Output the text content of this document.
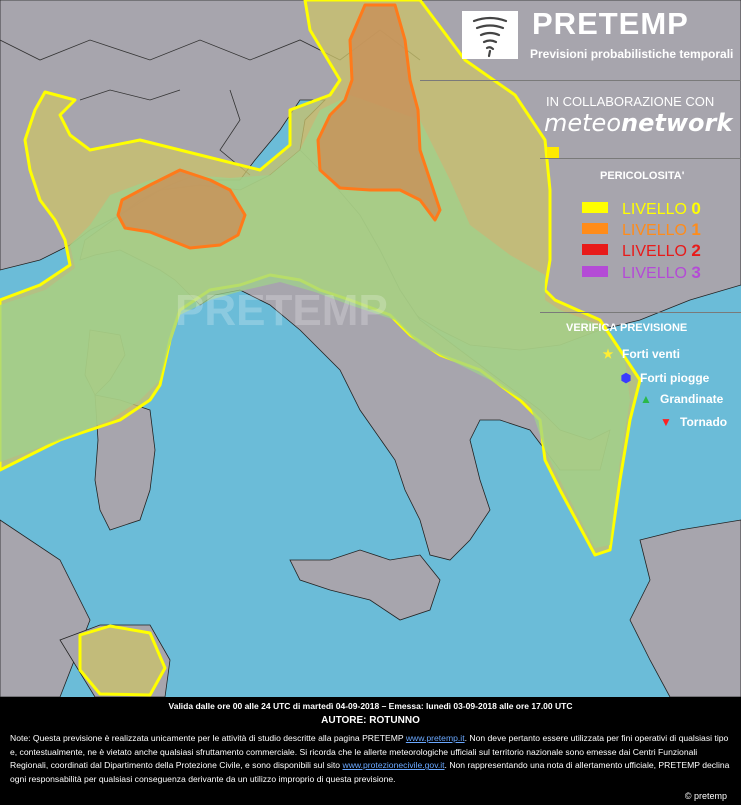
PRETEMP
PRETEMP
Previsioni probabilistiche temporali
IN COLLABORAZIONE CON
meteonetwork
PERICOLOSITA'
LIVELLO 0
LIVELLO 1
LIVELLO 2
LIVELLO 3
VERIFICA PREVISIONE
★ Forti venti
⬢ Forti piogge
▲ Grandinate
▼ Tornado
Valida dalle ore 00 alle 24 UTC di martedì 04-09-2018 – Emessa: lunedì 03-09-2018 alle ore 17.00 UTC
AUTORE: ROTUNNO
Note: Questa previsione è realizzata unicamente per le attività di studio descritte alla pagina PRETEMP www.pretemp.it. Non deve pertanto essere utilizzata per fini operativi di qualsiasi tipo e, contestualmente, ne è vietato anche qualsiasi sfruttamento commerciale. Si ricorda che le allerte meteorologiche ufficiali sul territorio nazionale sono emesse dai Centri Funzionali Regionali, coordinati dal Dipartimento della Protezione Civile, e sono disponibili sul sito www.protezionecivile.gov.it. Non rappresentando una nota di allertamento ufficiale, PRETEMP declina ogni responsabilità per qualsiasi conseguenza derivante da un utilizzo improprio di questa previsione.
© pretemp
